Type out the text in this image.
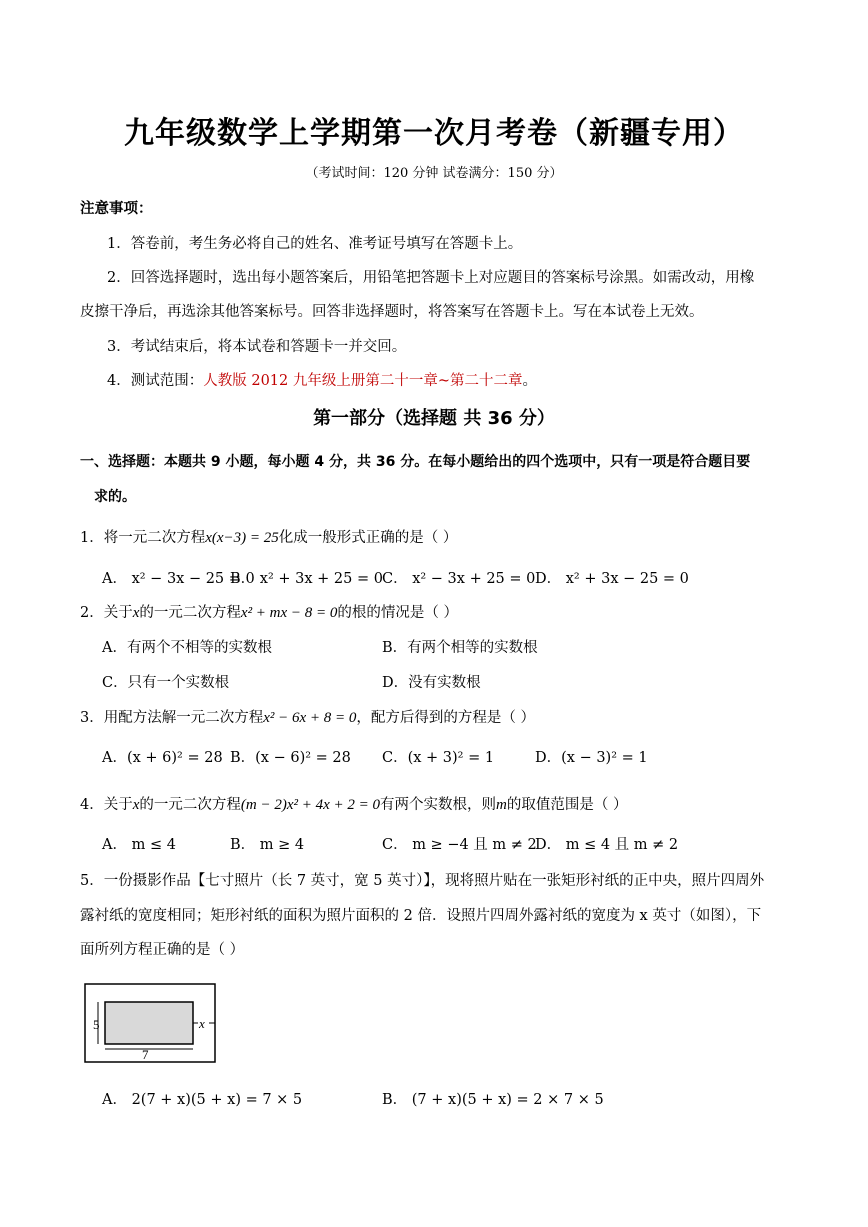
九年级数学上学期第一次月考卷（新疆专用）
（考试时间：120 分钟 试卷满分：150 分）
注意事项：
1．答卷前，考生务必将自己的姓名、准考证号填写在答题卡上。
2．回答选择题时，选出每小题答案后，用铅笔把答题卡上对应题目的答案标号涂黑。如需改动，用橡
皮擦干净后，再选涂其他答案标号。回答非选择题时，将答案写在答题卡上。写在本试卷上无效。
3．考试结束后，将本试卷和答题卡一并交回。
4．测试范围：人教版 2012 九年级上册第二十一章~第二十二章。
第一部分（选择题 共 36 分）
一、选择题：本题共 9 小题，每小题 4 分，共 36 分。在每小题给出的四个选项中，只有一项是符合题目要
求的。
1．将一元二次方程x(x−3) = 25化成一般形式正确的是（ ）
A． x² − 3x − 25 = 0
B． x² + 3x + 25 = 0 C． x² − 3x + 25 = 0 D． x² + 3x − 25 = 0
2．关于x的一元二次方程x² + mx − 8 = 0的根的情况是（ ）
A．有两个不相等的实数根	B．有两个相等的实数根
C．只有一个实数根	D．没有实数根
3．用配方法解一元二次方程x² − 6x + 8 = 0，配方后得到的方程是（ ）
A．(x + 6)² = 28 B．(x − 6)² = 28 C．(x + 3)² = 1	D．(x − 3)² = 1
4．关于x的一元二次方程(m − 2)x² + 4x + 2 = 0有两个实数根，则m的取值范围是（ ）
A． m ≤ 4	B． m ≥ 4	C． m ≥ −4 且 m ≠ 2
D． m ≤ 4 且 m ≠ 2
5．一份摄影作品【七寸照片（长 7 英寸，宽 5 英寸）】，现将照片贴在一张矩形衬纸的正中央，照片四周外
露衬纸的宽度相同；矩形衬纸的面积为照片面积的 2 倍．设照片四周外露衬纸的宽度为 x 英寸（如图），下
面所列方程正确的是（ ）
5
7
x
A． 2(7 + x)(5 + x) = 7 × 5	B． (7 + x)(5 + x) = 2 × 7 × 5
